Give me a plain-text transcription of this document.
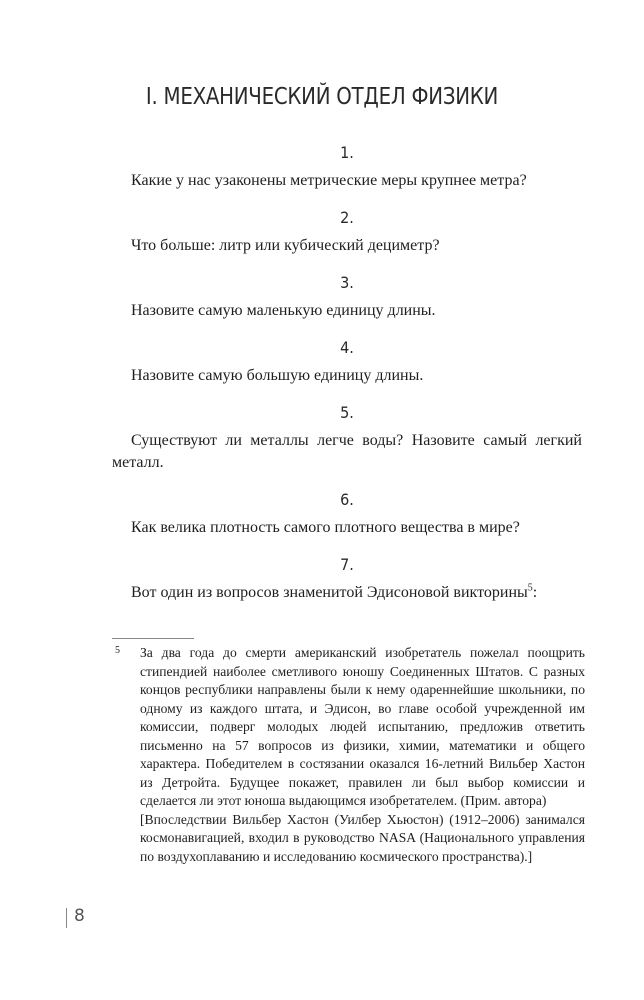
I. МЕХАНИЧЕСКИЙ ОТДЕЛ ФИЗИКИ
1.
Какие у нас узаконены метрические меры крупнее метра?
2.
Что больше: литр или кубический дециметр?
3.
Назовите самую маленькую единицу длины.
4.
Назовите самую большую единицу длины.
5.
Существуют ли металлы легче воды? Назовите самый легкий металл.
6.
Как велика плотность самого плотного вещества в мире?
7.
Вот один из вопросов знаменитой Эдисоновой викторины$^5$:
5 За два года до смерти американский изобретатель пожелал поощрить стипендией наиболее сметливого юношу Соединенных Штатов. С разных концов республики направлены были к нему одареннейшие школьники, по одному из каждого штата, и Эдисон, во главе особой учрежденной им комиссии, подверг молодых людей испытанию, предложив ответить письменно на 57 вопросов из физики, химии, математики и общего характера. Победителем в состязании оказался 16-летний Вильбер Хастон из Детройта. Будущее покажет, правилен ли был выбор комиссии и сделается ли этот юноша выдающимся изобретателем. (Прим. автора)

[Впоследствии Вильбер Хастон (Уилбер Хьюстон) (1912–2006) занимался космонавигацией, входил в руководство NASA (Национального управления по воздухоплаванию и исследованию космического пространства).]

8
